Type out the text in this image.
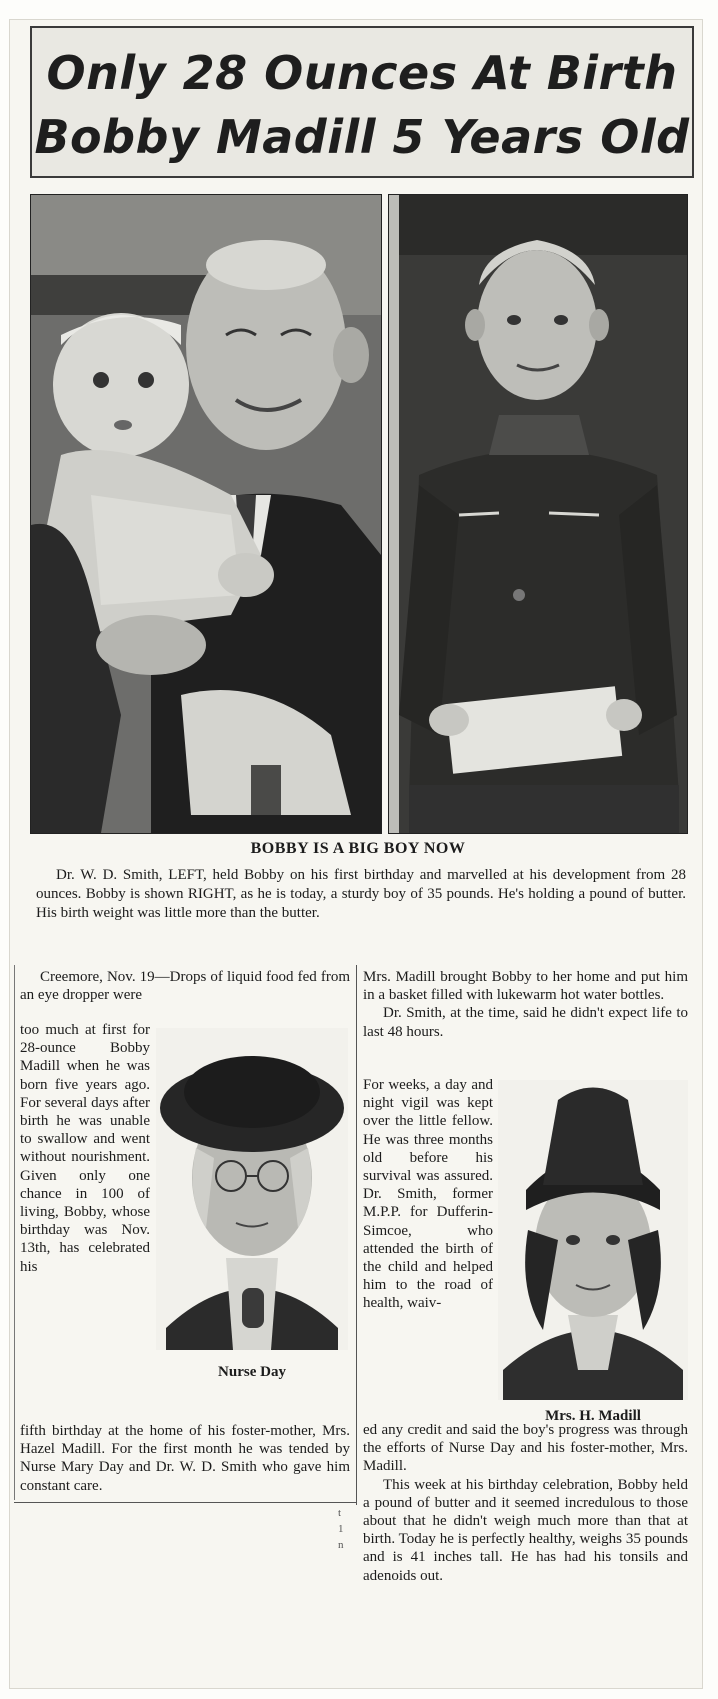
Only 28 Ounces At Birth
Bobby Madill 5 Years Old
BOBBY IS A BIG BOY NOW
Dr. W. D. Smith, LEFT, held Bobby on his first birthday and marvelled at his development from 28 ounces. Bobby is shown RIGHT, as he is today, a sturdy boy of 35 pounds. He's holding a pound of butter. His birth weight was little more than the butter.
Creemore, Nov. 19—Drops of liquid food fed from an eye dropper were
too much at first for 28-ounce Bobby Madill when he was born five years ago. For several days after birth he was unable to swallow and went without nourishment. Given only one chance in 100 of living, Bobby, whose birthday was Nov. 13th, has celebrated his
fifth birthday at the home of his foster-mother, Mrs. Hazel Madill. For the first month he was tended by Nurse Mary Day and Dr. W. D. Smith who gave him constant care.
Nurse Day
Mrs. Madill brought Bobby to her home and put him in a basket filled with lukewarm hot water bottles.
Dr. Smith, at the time, said he didn't expect life to last 48 hours.
For weeks, a day and night vigil was kept over the little fellow. He was three months old before his survival was assured. Dr. Smith, former M.P.P. for Dufferin-Simcoe, who attended the birth of the child and helped him to the road of health, waiv-
ed any credit and said the boy's progress was through the efforts of Nurse Day and his foster-mother, Mrs. Madill.
This week at his birthday celebration, Bobby held a pound of butter and it seemed incredulous to those about that he didn't weigh much more than that at birth. Today he is perfectly healthy, weighs 35 pounds and is 41 inches tall. He has had his tonsils and adenoids out.
Mrs. H. Madill
t
1
n
